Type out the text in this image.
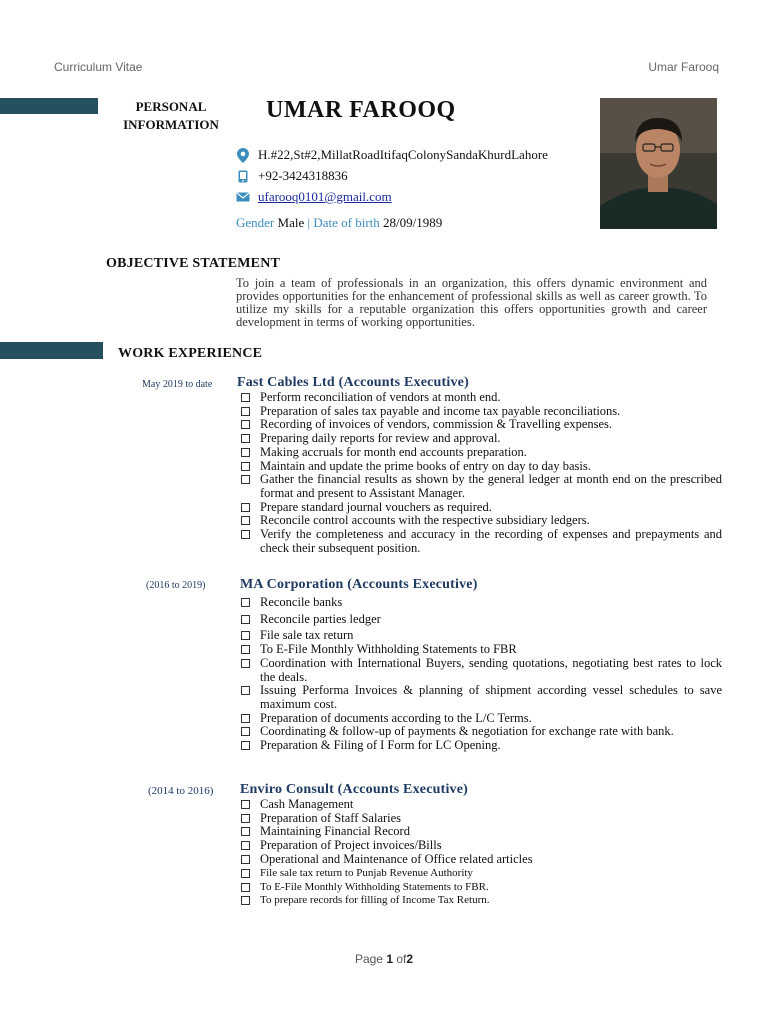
Curriculum Vitae	Umar Farooq
PERSONAL
INFORMATION
UMAR FAROOQ
H.#22,St#2,MillatRoadItifaqColonySandaKhurdLahore
+92-3424318836
ufarooq0101@gmail.com
Gender Male | Date of birth 28/09/1989
OBJECTIVE STATEMENT
To join a team of professionals in an organization, this offers dynamic environment and provides opportunities for the enhancement of professional skills as well as career growth. To utilize my skills for a reputable organization this offers opportunities growth and career development in terms of working opportunities.
WORK EXPERIENCE
May 2019 to date Fast Cables Ltd (Accounts Executive)
Perform reconciliation of vendors at month end.
Preparation of sales tax payable and income tax payable reconciliations.
Recording of invoices of vendors, commission & Travelling expenses.
Preparing daily reports for review and approval.
Making accruals for month end accounts preparation.
Maintain and update the prime books of entry on day to day basis.
Gather the financial results as shown by the general ledger at month end on the prescribed format and present to Assistant Manager.
Prepare standard journal vouchers as required.
Reconcile control accounts with the respective subsidiary ledgers.
Verify the completeness and accuracy in the recording of expenses and prepayments and check their subsequent position.
(2016 to 2019) MA Corporation (Accounts Executive)
Reconcile banks
Reconcile parties ledger
File sale tax return
To E-File Monthly Withholding Statements to FBR
Coordination with International Buyers, sending quotations, negotiating best rates to lock the deals.
Issuing Performa Invoices & planning of shipment according vessel schedules to save maximum cost.
Preparation of documents according to the L/C Terms.
Coordinating & follow-up of payments & negotiation for exchange rate with bank.
Preparation & Filing of I Form for LC Opening.
(2014 to 2016) Enviro Consult (Accounts Executive)
Cash Management
Preparation of Staff Salaries
Maintaining Financial Record
Preparation of Project invoices/Bills
Operational and Maintenance of Office related articles
File sale tax return to Punjab Revenue Authority
To E-File Monthly Withholding Statements to FBR.
To prepare records for filling of Income Tax Return.
Page 1 of2
